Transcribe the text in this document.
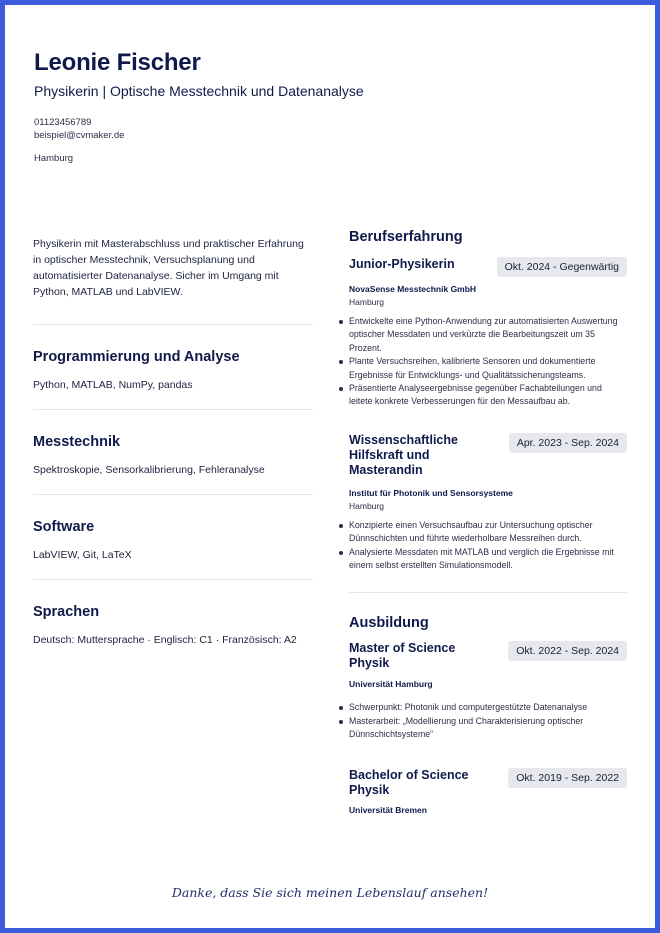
Leonie Fischer
Physikerin | Optische Messtechnik und Datenanalyse
01123456789
beispiel@cvmaker.de
Hamburg
Physikerin mit Masterabschluss und praktischer Erfahrung in optischer Messtechnik, Versuchsplanung und automatisierter Datenanalyse. Sicher im Umgang mit Python, MATLAB und LabVIEW.
Programmierung und Analyse

Python, MATLAB, NumPy, pandas

Messtechnik

Spektroskopie, Sensorkalibrierung, Fehleranalyse

Software

LabVIEW, Git, LaTeX

Sprachen

Deutsch: Muttersprache · Englisch: C1 · Französisch: A2

Berufserfahrung
Junior-Physikerin	Okt. 2024 - Gegenwärtig
NovaSense Messtechnik GmbH
Hamburg
Entwickelte eine Python-Anwendung zur automatisierten Auswertung optischer Messdaten und verkürzte die Bearbeitungszeit um 35 Prozent.
Plante Versuchsreihen, kalibrierte Sensoren und dokumentierte Ergebnisse für Entwicklungs- und Qualitätssicherungsteams.
Präsentierte Analyseergebnisse gegenüber Fachabteilungen und leitete konkrete Verbesserungen für den Messaufbau ab.
Wissenschaftliche Hilfskraft und Masterandin
Apr. 2023 - Sep. 2024
Institut für Photonik und Sensorsysteme
Hamburg
Konzipierte einen Versuchsaufbau zur Untersuchung optischer Dünnschichten und führte wiederholbare Messreihen durch.
Analysierte Messdaten mit MATLAB und verglich die Ergebnisse mit einem selbst erstellten Simulationsmodell.
Ausbildung
Master of Science Physik
Okt. 2022 - Sep. 2024
Universität Hamburg
Schwerpunkt: Photonik und computergestützte Datenanalyse
Masterarbeit: „Modellierung und Charakterisierung optischer Dünnschichtsysteme“
Bachelor of Science Physik
Okt. 2019 - Sep. 2022
Universität Bremen
Danke, dass Sie sich meinen Lebenslauf ansehen!
